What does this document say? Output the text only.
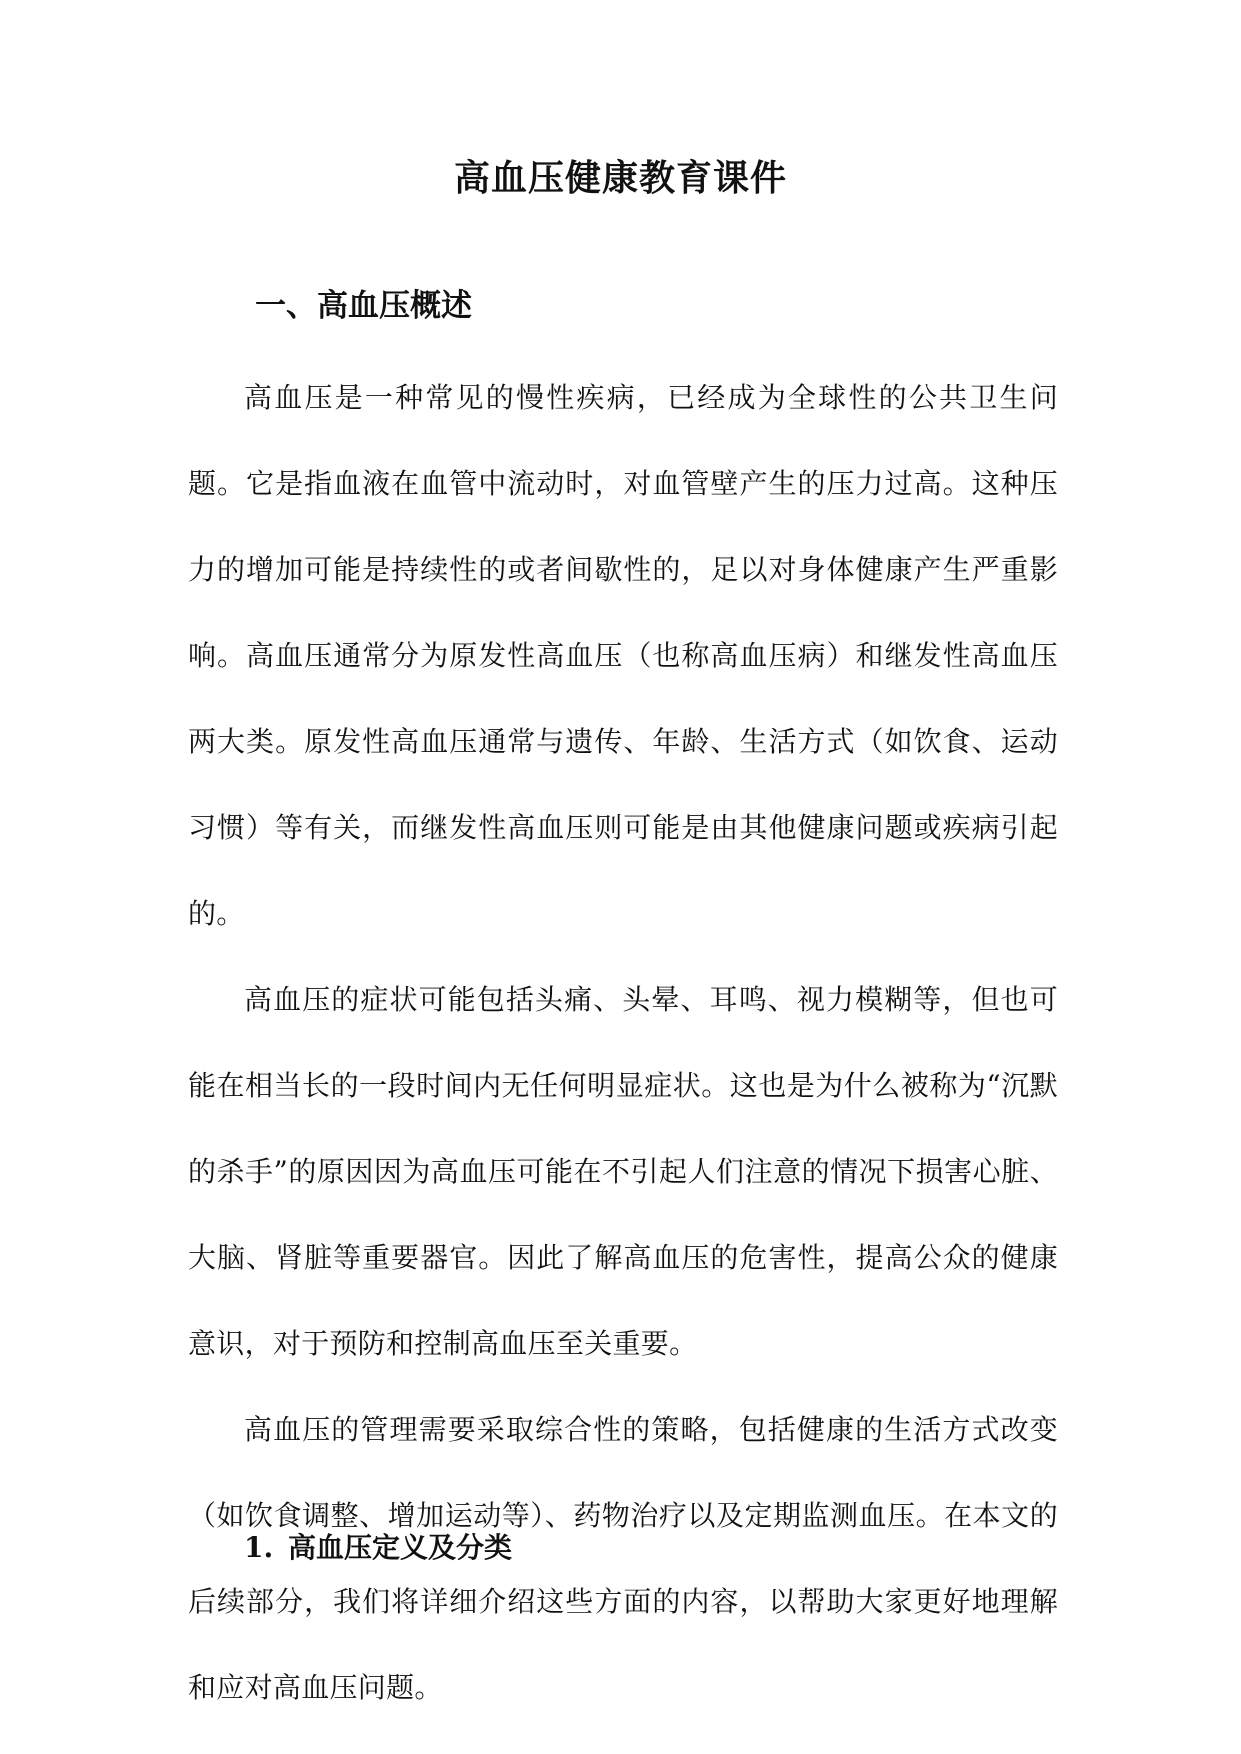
高血压健康教育课件
一、高血压概述

高血压是一种常见的慢性疾病，已经成为全球性的公共卫生问题。它是指血液在血管中流动时，对血管壁产生的压力过高。这种压力的增加可能是持续性的或者间歇性的，足以对身体健康产生严重影响。高血压通常分为原发性高血压（也称高血压病）和继发性高血压两大类。原发性高血压通常与遗传、年龄、生活方式（如饮食、运动习惯）等有关，而继发性高血压则可能是由其他健康问题或疾病引起的。

高血压的症状可能包括头痛、头晕、耳鸣、视力模糊等，但也可能在相当长的一段时间内无任何明显症状。这也是为什么被称为“沉默的杀手”的原因因为高血压可能在不引起人们注意的情况下损害心脏、大脑、肾脏等重要器官。因此了解高血压的危害性，提高公众的健康意识，对于预防和控制高血压至关重要。

高血压的管理需要采取综合性的策略，包括健康的生活方式改变（如饮食调整、增加运动等）、药物治疗以及定期监测血压。在本文的后续部分，我们将详细介绍这些方面的内容，以帮助大家更好地理解和应对高血压问题。

1. 高血压定义及分类
